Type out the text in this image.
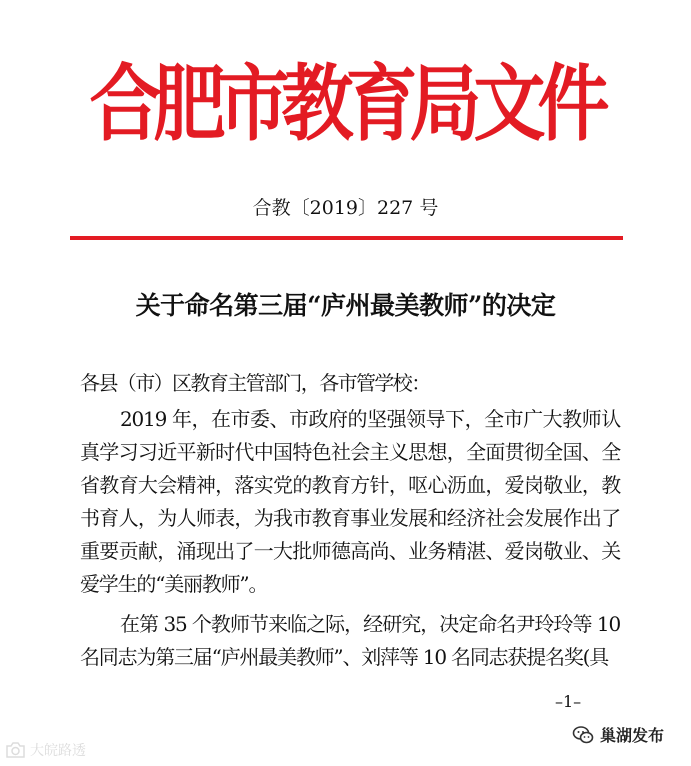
合肥市教育局文件
合教〔2019〕227 号
关于命名第三届“庐州最美教师”的决定
各县（市）区教育主管部门，各市管学校：

2019 年，在市委、市政府的坚强领导下，全市广大教师认真学习习近平新时代中国特色社会主义思想，全面贯彻全国、全省教育大会精神，落实党的教育方针，呕心沥血，爱岗敬业，教书育人，为人师表，为我市教育事业发展和经济社会发展作出了重要贡献，涌现出了一大批师德高尚、业务精湛、爱岗敬业、关爱学生的“美丽教师”。

在第 35 个教师节来临之际，经研究，决定命名尹玲玲等 10 名同志为第三届“庐州最美教师”、刘萍等 10 名同志获提名奖(具

–1–
大皖路透
巢湖发布
